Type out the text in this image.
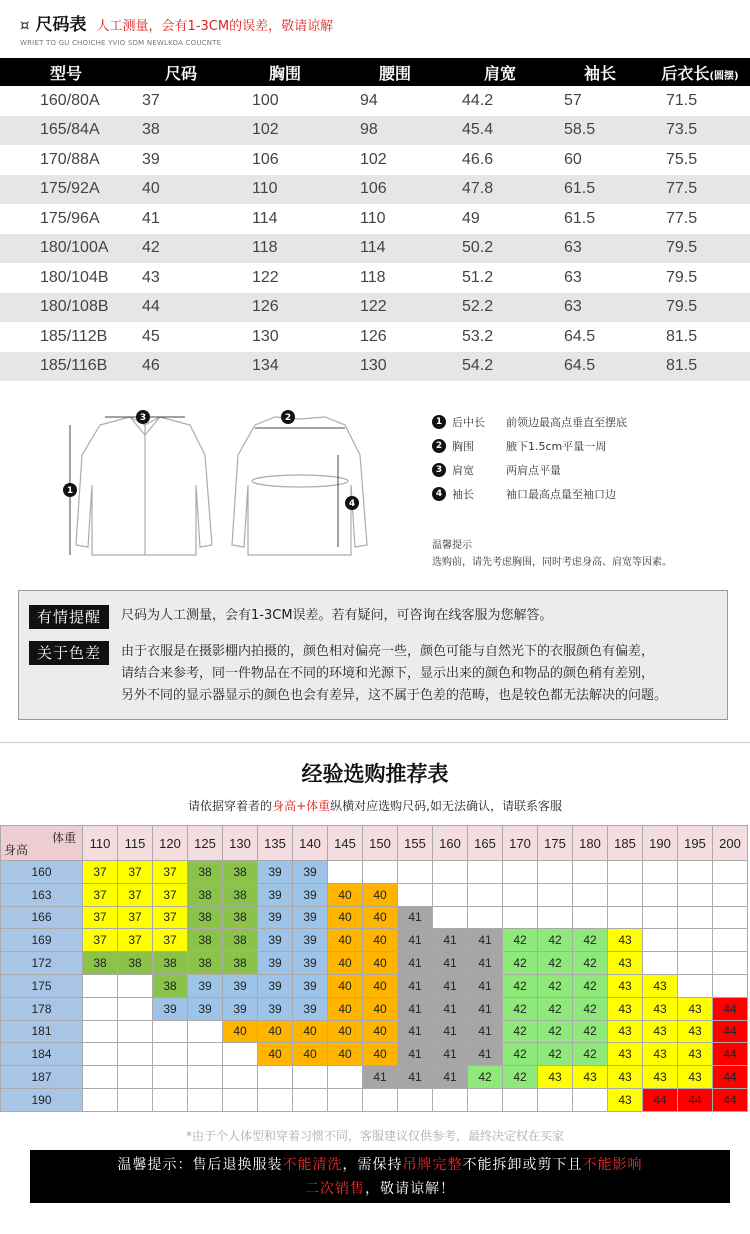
¤ 尺码表 人工测量，会有1-3CM的误差，敬请谅解
WRIET TO GU CHOICHE YVIO SDM NEWLKOA COUCNTE
型号	尺码	胸围	腰围	肩宽	袖长	后衣长(圆摆)
160/80A	37	100	94	44.2	57	71.5
165/84A	38	102	98	45.4	58.5	73.5
170/88A	39	106	102	46.6	60	75.5
175/92A	40	110	106	47.8	61.5	77.5
175/96A	41	114	110	49	61.5	77.5
180/100A	42	118	114	50.2	63	79.5
180/104B	43	122	118	51.2	63	79.5
180/108B	44	126	122	52.2	63	79.5
185/112B	45	130	126	53.2	64.5	81.5
185/116B	46	134	130	54.2	64.5	81.5
1
3	2
4
1 后中长	前领边最高点垂直至摆底
2 胸围	腋下1.5cm平量一周
3 肩宽	两肩点平量
4 袖长	袖口最高点量至袖口边
温馨提示
选购前，请先考虑胸围，同时考虑身高、肩宽等因素。
有情提醒	尺码为人工测量，会有1-3CM误差。若有疑问，可咨询在线客服为您解答。
关于色差	由于衣服是在摄影棚内拍摄的，颜色相对偏亮一些，颜色可能与自然光下的衣服颜色有偏差，
请结合来参考，同一件物品在不同的环境和光源下，显示出来的颜色和物品的颜色稍有差别，
另外不同的显示器显示的颜色也会有差异，这不属于色差的范畴，也是较色都无法解决的问题。
经验选购推荐表
请依据穿着者的身高+体重纵横对应选购尺码,如无法确认，请联系客服
体重
身高	110	115	120	125	130	135	140	145	150	155	160	165	170	175	180	185	190	195	200
160	37	37	37	38	38	39	39												
163	37	37	37	38	38	39	39	40	40										
166	37	37	37	38	38	39	39	40	40	41									
169	37	37	37	38	38	39	39	40	40	41	41	41	42	42	42	43			
172	38	38	38	38	38	39	39	40	40	41	41	41	42	42	42	43			
175			38	39	39	39	39	40	40	41	41	41	42	42	42	43	43		
178			39	39	39	39	39	40	40	41	41	41	42	42	42	43	43	43	44
181					40	40	40	40	40	41	41	41	42	42	42	43	43	43	44
184						40	40	40	40	41	41	41	42	42	42	43	43	43	44
187									41	41	41	42	42	43	43	43	43	43	44
190																43	44	44	44
*由于个人体型和穿着习惯不同，客服建议仅供参考，最终决定权在买家
温馨提示：售后退换服装不能清洗，需保持吊牌完整不能拆卸或剪下且不能影响
二次销售，敬请谅解！
